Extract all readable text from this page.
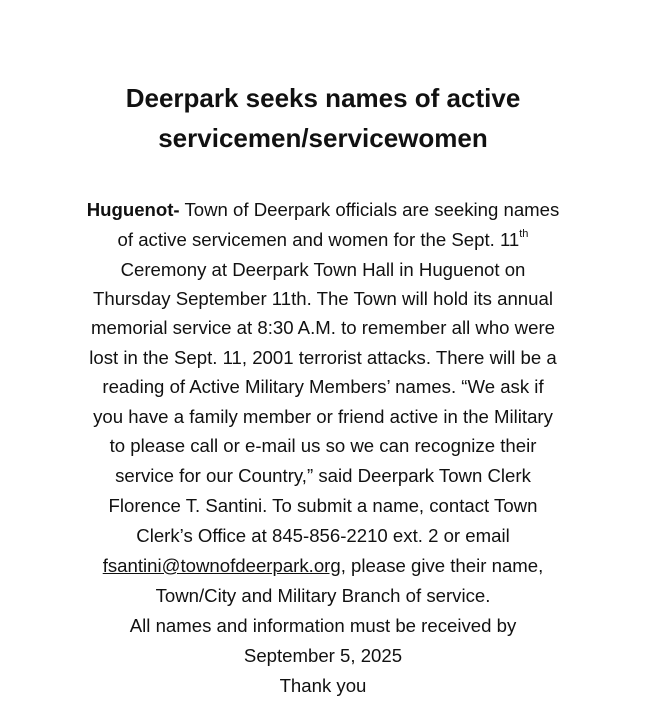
Deerpark seeks names of active
servicemen/servicewomen

Huguenot- Town of Deerpark officials are seeking names

of active servicemen and women for the Sept. 11th

Ceremony at Deerpark Town Hall in Huguenot on

Thursday September 11th. The Town will hold its annual

memorial service at 8:30 A.M. to remember all who were

lost in the Sept. 11, 2001 terrorist attacks. There will be a

reading of Active Military Members’ names. “We ask if

you have a family member or friend active in the Military

to please call or e-mail us so we can recognize their

service for our Country,” said Deerpark Town Clerk

Florence T. Santini. To submit a name, contact Town

Clerk’s Office at 845-856-2210 ext. 2 or email

fsantini@townofdeerpark.org, please give their name,

Town/City and Military Branch of service.

All names and information must be received by

September 5, 2025

Thank you
